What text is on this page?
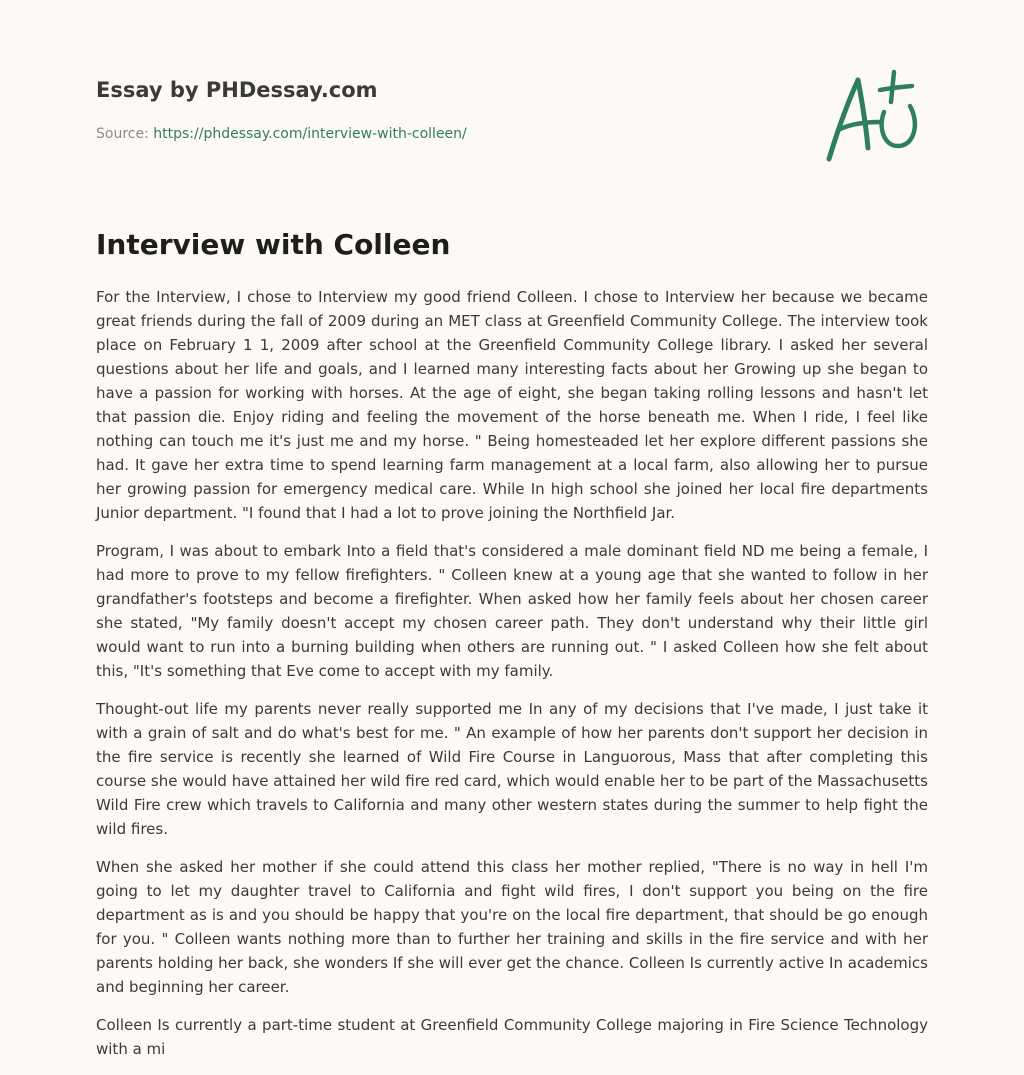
Essay by PHDessay.com
Source: https://phdessay.com/interview-with-colleen/
Interview with Colleen

For the Interview, I chose to Interview my good friend Colleen. I chose to Interview her because we became great friends during the fall of 2009 during an MET class at Greenfield Community College. The interview took place on February 1 1, 2009 after school at the Greenfield Community College library. I asked her several questions about her life and goals, and I learned many interesting facts about her Growing up she began to have a passion for working with horses. At the age of eight, she began taking rolling lessons and hasn't let that passion die. Enjoy riding and feeling the movement of the horse beneath me. When I ride, I feel like nothing can touch me it's just me and my horse. " Being homesteaded let her explore different passions she had. It gave her extra time to spend learning farm management at a local farm, also allowing her to pursue her growing passion for emergency medical care. While In high school she joined her local fire departments Junior department. "I found that I had a lot to prove joining the Northfield Jar.

Program, I was about to embark Into a field that's considered a male dominant field ND me being a female, I had more to prove to my fellow firefighters. " Colleen knew at a young age that she wanted to follow in her grandfather's footsteps and become a firefighter. When asked how her family feels about her chosen career she stated, "My family doesn't accept my chosen career path. They don't understand why their little girl would want to run into a burning building when others are running out. " I asked Colleen how she felt about this, "It's something that Eve come to accept with my family.

Thought-out life my parents never really supported me In any of my decisions that I've made, I just take it with a grain of salt and do what's best for me. " An example of how her parents don't support her decision in the fire service is recently she learned of Wild Fire Course in Languorous, Mass that after completing this course she would have attained her wild fire red card, which would enable her to be part of the Massachusetts Wild Fire crew which travels to California and many other western states during the summer to help fight the wild fires.

When she asked her mother if she could attend this class her mother replied, "There is no way in hell I'm going to let my daughter travel to California and fight wild fires, I don't support you being on the fire department as is and you should be happy that you're on the local fire department, that should be go enough for you. " Colleen wants nothing more than to further her training and skills in the fire service and with her parents holding her back, she wonders If she will ever get the chance. Colleen Is currently active In academics and beginning her career.

Colleen Is currently a part-time student at Greenfield Community College majoring in Fire Science Technology with a mi
